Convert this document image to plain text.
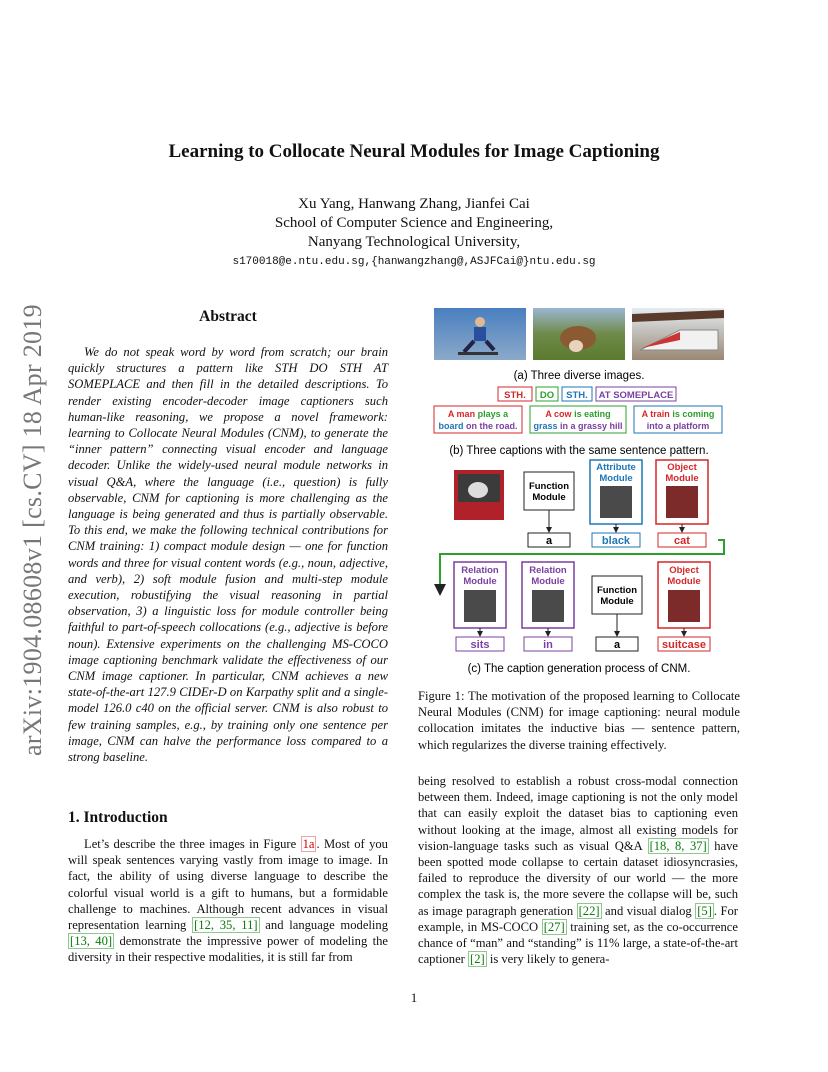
arXiv:1904.08608v1 [cs.CV] 18 Apr 2019
Learning to Collocate Neural Modules for Image Captioning
Xu Yang, Hanwang Zhang, Jianfei Cai
School of Computer Science and Engineering,
Nanyang Technological University,
s170018@e.ntu.edu.sg,{hanwangzhang@,ASJFCai@}ntu.edu.sg
Abstract

We do not speak word by word from scratch; our brain quickly structures a pattern like STH DO STH AT SOMEPLACE and then fill in the detailed descriptions. To render existing encoder-decoder image captioners such human-like reasoning, we propose a novel framework: learning to Collocate Neural Modules (CNM), to generate the “inner pattern” connecting visual encoder and language decoder. Unlike the widely-used neural module networks in visual Q&A, where the language (i.e., question) is fully observable, CNM for captioning is more challenging as the language is being generated and thus is partially observable. To this end, we make the following technical contributions for CNM training: 1) compact module design — one for function words and three for visual content words (e.g., noun, adjective, and verb), 2) soft module fusion and multi-step module execution, robustifying the visual reasoning in partial observation, 3) a linguistic loss for module controller being faithful to part-of-speech collocations (e.g., adjective is before noun). Extensive experiments on the challenging MS-COCO image captioning benchmark validate the effectiveness of our CNM image captioner. In particular, CNM achieves a new state-of-the-art 127.9 CIDEr-D on Karpathy split and a single-model 126.0 c40 on the official server. CNM is also robust to few training samples, e.g., by training only one sentence per image, CNM can halve the performance loss compared to a strong baseline.

1. Introduction

Let’s describe the three images in Figure 1a . Most of you will speak sentences varying vastly from image to image. In fact, the ability of using diverse language to describe the colorful visual world is a gift to humans, but a formidable challenge to machines. Although recent advances in visual representation learning [12, 35, 11] and language modeling [13, 40] demonstrate the impressive power of modeling the diversity in their respective modalities, it is still far from

(a) Three diverse images.
STH. DO STH. AT SOMEPLACE
A man plays a
board on the road.
A cow is eating
grass in a grassy hill
A train is coming
into a platform
(b) Three captions with the same sentence pattern.
Function
Module
Attribute
Module
Object
Module
a	black	cat
Relation
Module
Relation
Module
Function
Module
Object
Module
sits	in	a	suitcase
(c) The caption generation process of CNM.
Figure 1: The motivation of the proposed learning to Collocate Neural Modules (CNM) for image captioning: neural module collocation imitates the inductive bias — sentence pattern, which regularizes the diverse training effectively.

being resolved to establish a robust cross-modal connection between them. Indeed, image captioning is not the only model that can easily exploit the dataset bias to captioning even without looking at the image, almost all existing models for vision-language tasks such as visual Q&A [18, 8, 37] have been spotted mode collapse to certain dataset idiosyncrasies, failed to reproduce the diversity of our world — the more complex the task is, the more severe the collapse will be, such as image paragraph generation [22] and visual dialog [5] . For example, in MS-COCO [27] training set, as the co-occurrence chance of “man” and “standing” is 11% large, a state-of-the-art captioner [2] is very likely to genera-

1
